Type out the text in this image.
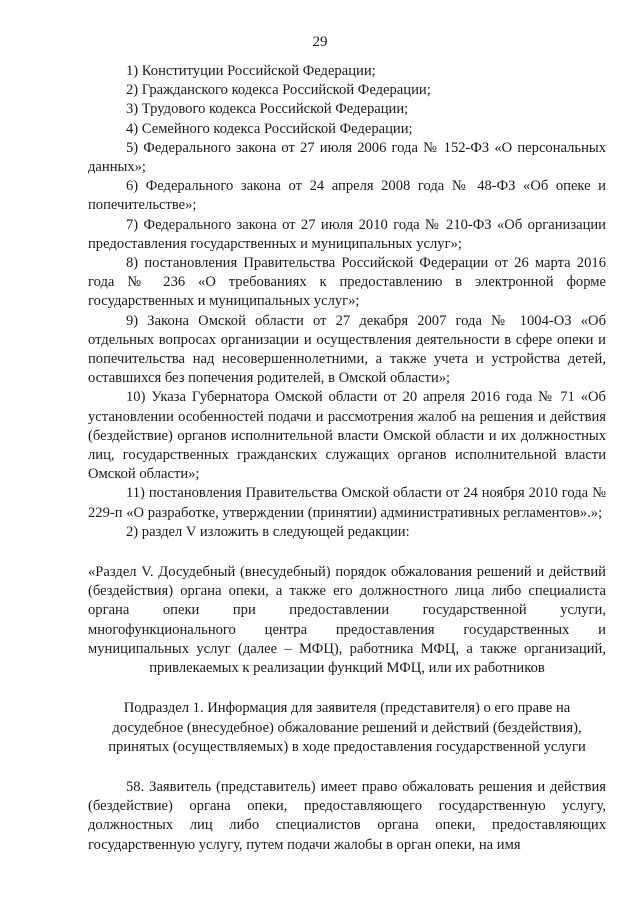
29

1) Конституции Российской Федерации;

2) Гражданского кодекса Российской Федерации;

3) Трудового кодекса Российской Федерации;

4) Семейного кодекса Российской Федерации;

5) Федерального закона от 27 июля 2006 года № 152-ФЗ «О персональных данных»;

6) Федерального закона от 24 апреля 2008 года № 48-ФЗ «Об опеке и попечительстве»;

7) Федерального закона от 27 июля 2010 года № 210-ФЗ «Об организации предоставления государственных и муниципальных услуг»;

8) постановления Правительства Российской Федерации от 26 марта 2016 года № 236 «О требованиях к предоставлению в электронной форме государственных и муниципальных услуг»;

9) Закона Омской области от 27 декабря 2007 года № 1004-ОЗ «Об отдельных вопросах организации и осуществления деятельности в сфере опеки и попечительства над несовершеннолетними, а также учета и устройства детей, оставшихся без попечения родителей, в Омской области»;

10) Указа Губернатора Омской области от 20 апреля 2016 года № 71 «Об установлении особенностей подачи и рассмотрения жалоб на решения и действия (бездействие) органов исполнительной власти Омской области и их должностных лиц, государственных гражданских служащих органов исполнительной власти Омской области»;

11) постановления Правительства Омской области от 24 ноября 2010 года № 229-п «О разработке, утверждении (принятии) административных регламентов».»;

2) раздел V изложить в следующей редакции:

«Раздел V. Досудебный (внесудебный) порядок обжалования решений и действий (бездействия) органа опеки, а также его должностного лица либо специалиста органа опеки при предоставлении государственной услуги, многофункционального центра предоставления государственных и муниципальных услуг (далее – МФЦ), работника МФЦ, а также организаций, привлекаемых к реализации функций МФЦ, или их работников

Подраздел 1. Информация для заявителя (представителя) о его праве на досудебное (внесудебное) обжалование решений и действий (бездействия), принятых (осуществляемых) в ходе предоставления государственной услуги

58. Заявитель (представитель) имеет право обжаловать решения и действия (бездействие) органа опеки, предоставляющего государственную услугу, должностных лиц либо специалистов органа опеки, предоставляющих государственную услугу, путем подачи жалобы в орган опеки, на имя
